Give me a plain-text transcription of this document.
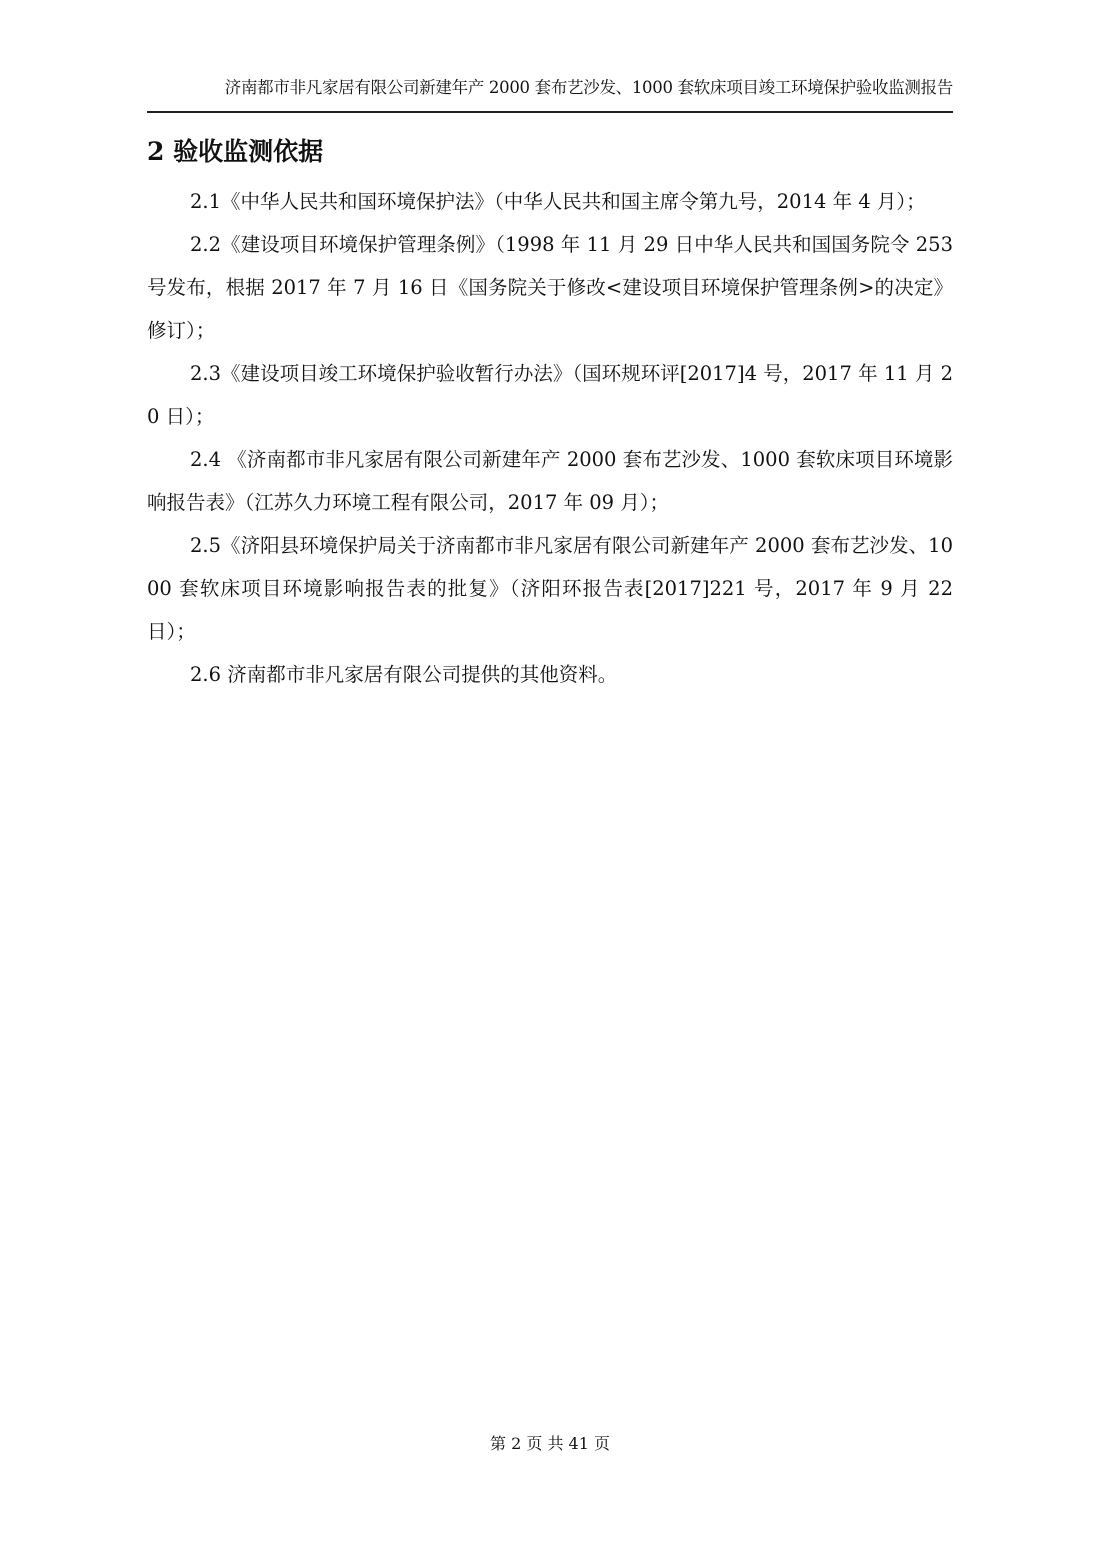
济南都市非凡家居有限公司新建年产 2000 套布艺沙发、1000 套软床项目竣工环境保护验收监测报告
2 验收监测依据

2.1《中华人民共和国环境保护法》（中华人民共和国主席令第九号，2014 年 4 月）；

2.2《建设项目环境保护管理条例》（1998 年 11 月 29 日中华人民共和国国务院令 253 号发布，根据 2017 年 7 月 16 日《国务院关于修改<建设项目环境保护管理条例>的决定》修订）；

2.3《建设项目竣工环境保护验收暂行办法》（国环规环评[2017]4 号，2017 年 11 月 20 日）；

2.4 《济南都市非凡家居有限公司新建年产 2000 套布艺沙发、1000 套软床项目环境影响报告表》（江苏久力环境工程有限公司，2017 年 09 月）；

2.5《济阳县环境保护局关于济南都市非凡家居有限公司新建年产 2000 套布艺沙发、1000 套软床项目环境影响报告表的批复》（济阳环报告表[2017]221 号，2017 年 9 月 22 日）；

2.6 济南都市非凡家居有限公司提供的其他资料。

第 2 页 共 41 页
